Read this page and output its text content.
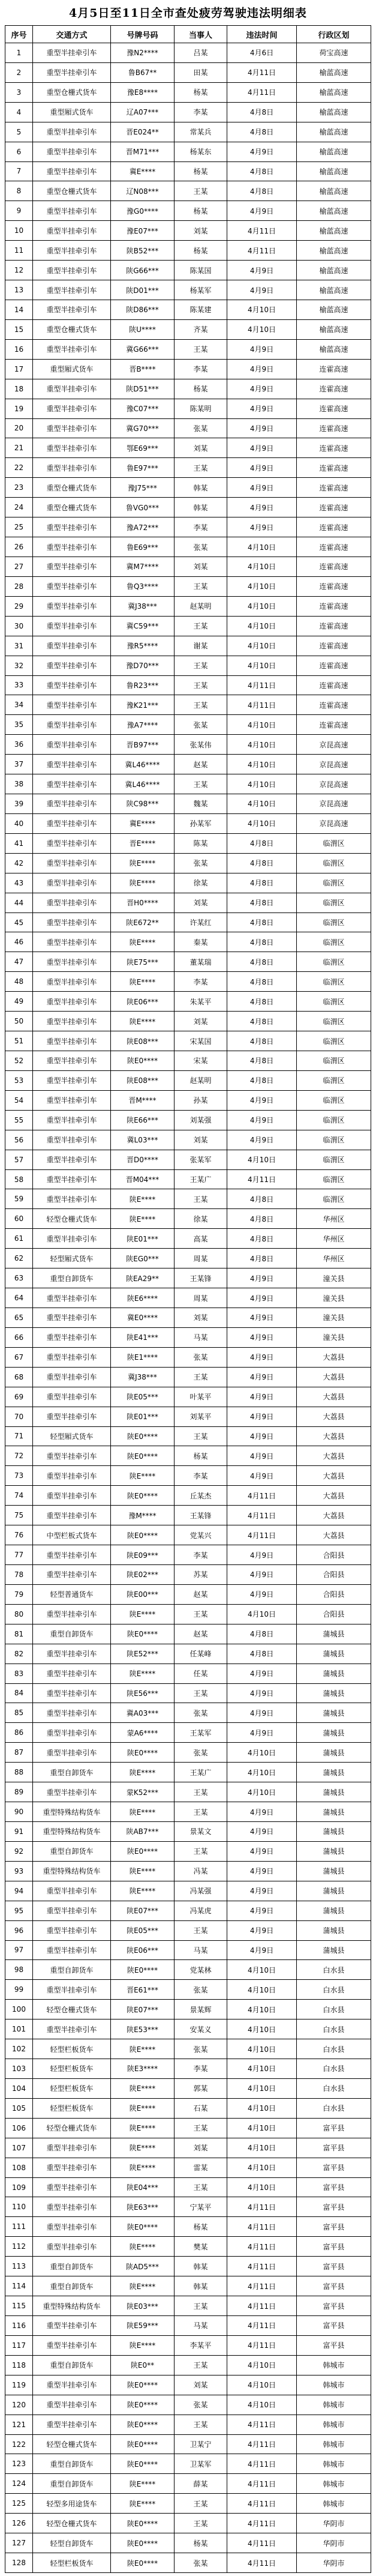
4月5日至11日全市查处疲劳驾驶违法明细表
序号	交通方式	号牌号码	当事人	违法时间	行政区划
1	重型半挂牵引车	豫N2****	吕某	4月6日	荷宝高速
2	重型半挂牵引车	鲁B67**	田某	4月11日	榆蓝高速
3	重型仓栅式货车	豫E8****	杨某	4月11日	榆蓝高速
4	重型厢式货车	辽A07***	李某	4月8日	榆蓝高速
5	重型半挂牵引车	晋E024**	常某兵	4月8日	榆蓝高速
6	重型半挂牵引车	晋M71***	杨某东	4月9日	榆蓝高速
7	重型半挂牵引车	冀E****	杨某	4月8日	榆蓝高速
8	重型仓栅式货车	辽N08***	王某	4月8日	榆蓝高速
9	重型半挂牵引车	豫G0****	杨某	4月9日	榆蓝高速
10	重型半挂牵引车	豫E07***	刘某	4月11日	榆蓝高速
11	重型半挂牵引车	陕B52***	杨某	4月11日	榆蓝高速
12	重型半挂牵引车	陕G66***	陈某国	4月9日	榆蓝高速
13	重型半挂牵引车	陕D01***	杨某军	4月9日	榆蓝高速
14	重型半挂牵引车	陕D86***	陈某建	4月10日	榆蓝高速
15	重型仓栅式货车	陕U****	齐某	4月10日	榆蓝高速
16	重型半挂牵引车	冀G66***	王某	4月9日	榆蓝高速
17	重型厢式货车	晋B****	李某	4月9日	连霍高速
18	重型半挂牵引车	陕D51***	杨某	4月9日	连霍高速
19	重型半挂牵引车	豫C07***	陈某明	4月9日	连霍高速
20	重型半挂牵引车	冀G70***	张某	4月9日	连霍高速
21	重型半挂牵引车	鄂E69***	刘某	4月9日	连霍高速
22	重型半挂牵引车	鲁E97***	王某	4月9日	连霍高速
23	重型仓栅式货车	豫J75***	韩某	4月9日	连霍高速
24	重型仓栅式货车	鲁VG0***	韩某	4月9日	连霍高速
25	重型半挂牵引车	豫A72***	李某	4月9日	连霍高速
26	重型半挂牵引车	鲁E69***	张某	4月10日	连霍高速
27	重型半挂牵引车	冀M7****	刘某	4月10日	连霍高速
28	重型半挂牵引车	鲁Q3****	王某	4月10日	连霍高速
29	重型半挂牵引车	冀J38***	赵某明	4月10日	连霍高速
30	重型半挂牵引车	冀C59***	王某	4月10日	连霍高速
31	重型半挂牵引车	豫R5****	谢某	4月10日	连霍高速
32	重型半挂牵引车	豫D70***	王某	4月10日	连霍高速
33	重型半挂牵引车	鲁R23***	王某	4月11日	连霍高速
34	重型半挂牵引车	豫K21***	王某	4月11日	连霍高速
35	重型半挂牵引车	豫A7****	张某	4月10日	连霍高速
36	重型半挂牵引车	晋B97***	张某伟	4月10日	京昆高速
37	重型半挂牵引车	冀L46****	赵某	4月10日	京昆高速
38	重型半挂牵引车	冀L46****	王某	4月10日	京昆高速
39	重型半挂牵引车	陕C98***	魏某	4月10日	京昆高速
40	重型半挂牵引车	冀E****	孙某军	4月10日	京昆高速
41	重型半挂牵引车	晋E****	陈某	4月8日	临渭区
42	重型半挂牵引车	陕E****	张某	4月8日	临渭区
43	重型半挂牵引车	陕E****	徐某	4月8日	临渭区
44	重型半挂牵引车	晋H0****	刘某	4月8日	临渭区
45	重型半挂牵引车	陕E672**	许某红	4月8日	临渭区
46	重型半挂牵引车	陕E****	秦某	4月8日	临渭区
47	重型半挂牵引车	陕E75***	董某瑞	4月8日	临渭区
48	重型半挂牵引车	陕E****	李某	4月8日	临渭区
49	重型半挂牵引车	陕E06***	朱某平	4月8日	临渭区
50	重型半挂牵引车	陕E****	刘某	4月8日	临渭区
51	重型半挂牵引车	陕E08***	宋某国	4月8日	临渭区
52	重型半挂牵引车	陕E0****	宋某	4月8日	临渭区
53	重型半挂牵引车	陕E08***	赵某明	4月8日	临渭区
54	重型半挂牵引车	晋M****	孙某	4月9日	临渭区
55	重型半挂牵引车	陕E66***	刘某强	4月9日	临渭区
56	重型半挂牵引车	冀L03***	刘某	4月9日	临渭区
57	重型半挂牵引车	晋D0****	张某军	4月10日	临渭区
58	重型半挂牵引车	晋M04***	王某广	4月11日	临渭区
59	重型半挂牵引车	陕E****	王某	4月8日	临渭区
60	轻型仓栅式货车	陕E****	徐某	4月8日	华州区
61	重型半挂牵引车	陕E01***	高某	4月8日	华州区
62	轻型厢式货车	陕EG0***	周某	4月8日	华州区
63	重型自卸货车	陕EA29**	王某锋	4月9日	潼关县
64	重型半挂牵引车	陕E6****	周某	4月9日	潼关县
65	重型半挂牵引车	冀E0****	刘某	4月9日	潼关县
66	重型半挂牵引车	陕E41***	马某	4月9日	潼关县
67	重型半挂牵引车	陕E1****	张某	4月9日	大荔县
68	重型半挂牵引车	冀J38***	王某	4月9日	大荔县
69	重型半挂牵引车	陕E05***	叶某平	4月9日	大荔县
70	重型半挂牵引车	陕E01***	刘某平	4月9日	大荔县
71	轻型厢式货车	陕E0****	王某	4月9日	大荔县
72	重型半挂牵引车	陕E0****	杨某	4月9日	大荔县
73	重型半挂牵引车	陕E****	李某	4月9日	大荔县
74	重型半挂牵引车	陕E0****	丘某杰	4月11日	大荔县
75	重型半挂牵引车	豫M****	王某锋	4月11日	大荔县
76	中型栏板式货车	陕E0****	党某兴	4月11日	大荔县
77	重型半挂牵引车	陕E09***	李某	4月9日	合阳县
78	重型半挂牵引车	陕E02***	苏某	4月9日	合阳县
79	轻型普通货车	陕E00***	赵某	4月9日	合阳县
80	重型半挂牵引车	陕E****	王某	4月10日	合阳县
81	重型自卸货车	陕E0****	赵某	4月8日	蒲城县
82	重型半挂牵引车	陕E52***	任某峰	4月8日	蒲城县
83	重型半挂牵引车	陕E****	任某	4月9日	蒲城县
84	重型半挂牵引车	陕E56***	王某	4月9日	蒲城县
85	重型半挂牵引车	冀A03***	张某	4月9日	蒲城县
86	重型半挂牵引车	蒙A6****	王某军	4月9日	蒲城县
87	重型半挂牵引车	陕E0****	张某	4月10日	蒲城县
88	重型自卸货车	陕E****	王某广	4月10日	蒲城县
89	重型半挂牵引车	蒙K52***	王某	4月10日	蒲城县
90	重型特殊结构货车	陕E****	王某	4月9日	蒲城县
91	重型特殊结构货车	陕AB7***	景某文	4月9日	蒲城县
92	重型自卸货车	陕E0****	王某	4月9日	蒲城县
93	重型特殊结构货车	陕E****	冯某	4月9日	蒲城县
94	重型半挂牵引车	陕E****	冯某强	4月9日	蒲城县
95	重型半挂牵引车	陕E07***	冯某虎	4月9日	蒲城县
96	重型半挂牵引车	陕E05***	王某	4月9日	蒲城县
97	重型半挂牵引车	陕E06***	马某	4月9日	蒲城县
98	重型自卸货车	陕E0****	党某林	4月10日	白水县
99	重型半挂牵引车	晋E61***	张某	4月10日	白水县
100	轻型仓栅式货车	陕E07***	景某辉	4月10日	白水县
101	重型半挂牵引车	陕E53***	安某义	4月10日	白水县
102	轻型栏板货车	陕E****	张某	4月10日	白水县
103	轻型栏板货车	陕E3****	李某	4月10日	白水县
104	轻型栏板货车	陕E****	郭某	4月10日	白水县
105	轻型栏板货车	陕E****	石某	4月10日	白水县
106	轻型仓栅式货车	陕E****	王某	4月10日	富平县
107	重型半挂牵引车	陕E****	刘某	4月10日	富平县
108	重型半挂牵引车	陕E****	雷某	4月10日	富平县
109	重型半挂牵引车	陕E04***	王某	4月10日	富平县
110	重型半挂牵引车	陕E63***	宁某平	4月11日	富平县
111	重型半挂牵引车	陕E0****	杨某	4月11日	富平县
112	重型半挂牵引车	陕E****	樊某	4月11日	富平县
113	重型自卸货车	陕AD5***	韩某	4月11日	富平县
114	重型自卸货车	陕E****	韩某	4月11日	富平县
115	重型特殊结构货车	陕E03***	王某	4月11日	富平县
116	重型半挂牵引车	陕E59***	马某	4月11日	富平县
117	重型半挂牵引车	陕E****	李某平	4月11日	富平县
118	重型自卸货车	陕E0**	王某	4月10日	韩城市
119	重型半挂牵引车	陕E0****	刘某	4月10日	韩城市
120	重型半挂牵引车	陕E0****	张某	4月10日	韩城市
121	重型半挂牵引车	陕E0****	王某	4月11日	韩城市
122	轻型仓栅式货车	陕E0****	卫某宁	4月11日	韩城市
123	重型自卸货车	陕E0****	卫某军	4月11日	韩城市
124	重型自卸货车	陕E****	薛某	4月11日	韩城市
125	轻型多用途货车	陕E****	王某	4月11日	韩城市
126	轻型仓栅式货车	陕E0****	王某	4月11日	华阴市
127	轻型自卸货车	陕E0****	杨某	4月11日	华阴市
128	轻型栏板货车	陕E0****	张某	4月11日	华阴市
